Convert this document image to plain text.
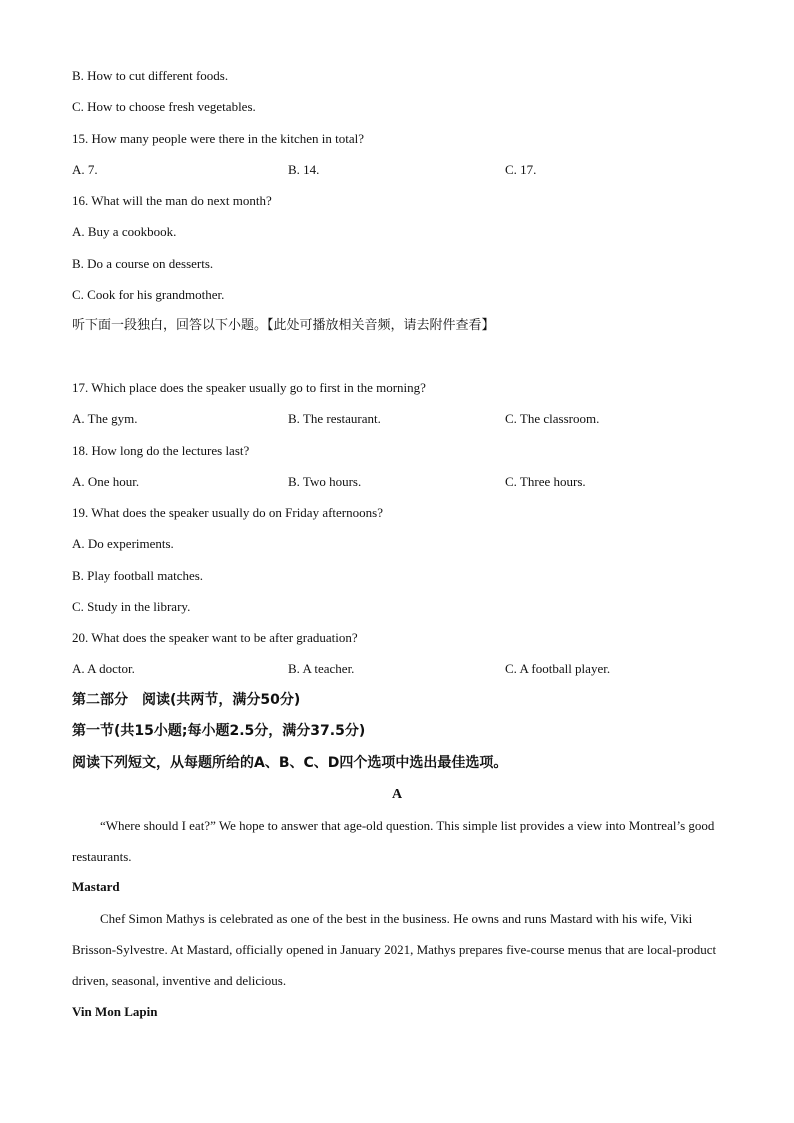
B. How to cut different foods.
C. How to choose fresh vegetables.
15. How many people were there in the kitchen in total?
A. 7.	B. 14.	C. 17.
16. What will the man do next month?
A. Buy a cookbook.
B. Do a course on desserts.
C. Cook for his grandmother.
听下面一段独白，回答以下小题。【此处可播放相关音频，请去附件查看】
17. Which place does the speaker usually go to first in the morning?
A. The gym.	B. The restaurant.	C. The classroom.
18. How long do the lectures last?
A. One hour.	B. Two hours.	C. Three hours.
19. What does the speaker usually do on Friday afternoons?
A. Do experiments.
B. Play football matches.
C. Study in the library.
20. What does the speaker want to be after graduation?
A. A doctor.	B. A teacher.	C. A football player.
第二部分　阅读(共两节，满分50分)
第一节(共15小题;每小题2.5分，满分37.5分)
阅读下列短文，从每题所给的A、B、C、D四个选项中选出最佳选项。
A
“Where should I eat?” We hope to answer that age-old question. This simple list provides a view into Montreal’s good restaurants.
Mastard
Chef Simon Mathys is celebrated as one of the best in the business. He owns and runs Mastard with his wife, Viki Brisson-Sylvestre. At Mastard, officially opened in January 2021, Mathys prepares five-course menus that are local-product driven, seasonal, inventive and delicious.
Vin Mon Lapin
